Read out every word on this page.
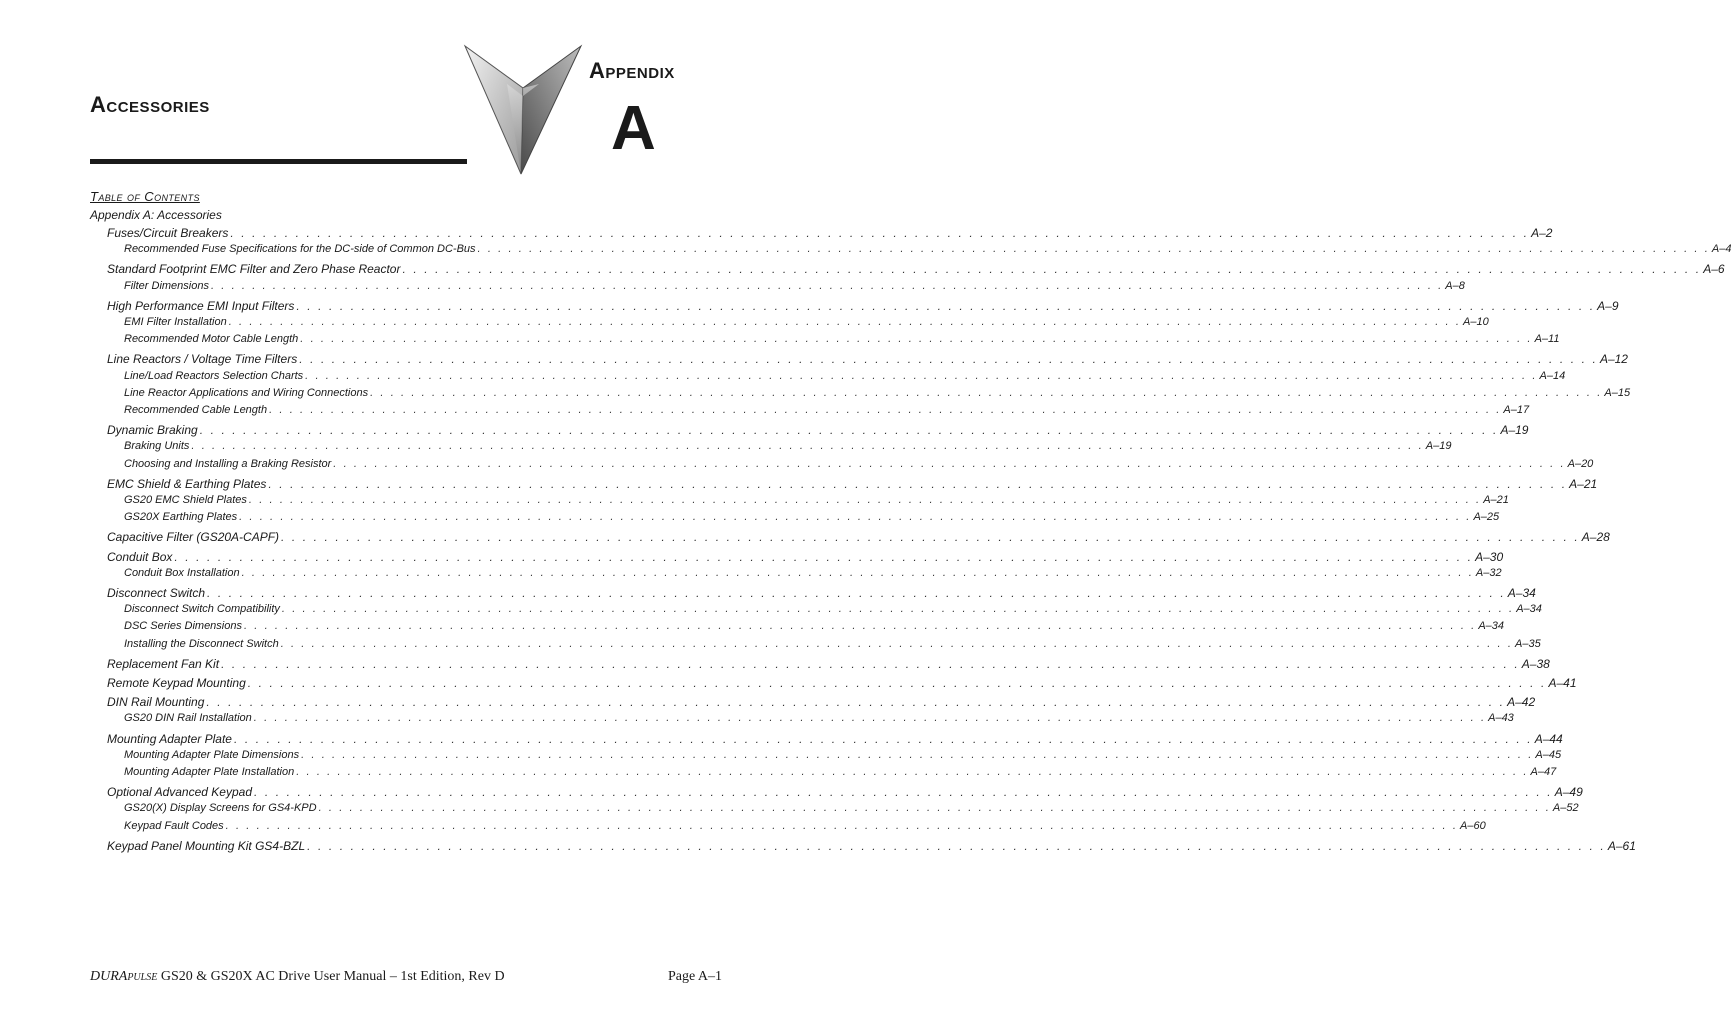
Accessories
Appendix
A
Table of Contents
Appendix A: Accessories
Fuses/Circuit Breakers . . . . . . . . . . . . . . . . . . . . . . . . . . . . . . . . . . . . . . . . . . . . . . . . . . . . . . . . . . . . . . . . . . . . . . . . . . . . . . . . . . . . . . . . . . . . . . . . . . . . . . . . . . . . . . . . . . . . . . . . A–2
Recommended Fuse Specifications for the DC-side of Common DC-Bus . . . . . . . . . . . . . . . . . . . . . . . . . . . . . . . . . . . . . . . . . . . . . . . . . . . . . . . . . . . . . . . . . . . . . . . . . . . . . . . . . . . . . . . . . . . . . . . . . . . . . . . . . . . . . . . . . . . . . . . . A–4
Standard Footprint EMC Filter and Zero Phase Reactor . . . . . . . . . . . . . . . . . . . . . . . . . . . . . . . . . . . . . . . . . . . . . . . . . . . . . . . . . . . . . . . . . . . . . . . . . . . . . . . . . . . . . . . . . . . . . . . . . . . . . . . . . . . . . . . . . . . . . . . . A–6
Filter Dimensions . . . . . . . . . . . . . . . . . . . . . . . . . . . . . . . . . . . . . . . . . . . . . . . . . . . . . . . . . . . . . . . . . . . . . . . . . . . . . . . . . . . . . . . . . . . . . . . . . . . . . . . . . . . . . . . . . . . . . . . . A–8
High Performance EMI Input Filters . . . . . . . . . . . . . . . . . . . . . . . . . . . . . . . . . . . . . . . . . . . . . . . . . . . . . . . . . . . . . . . . . . . . . . . . . . . . . . . . . . . . . . . . . . . . . . . . . . . . . . . . . . . . . . . . . . . . . . . . A–9
EMI Filter Installation . . . . . . . . . . . . . . . . . . . . . . . . . . . . . . . . . . . . . . . . . . . . . . . . . . . . . . . . . . . . . . . . . . . . . . . . . . . . . . . . . . . . . . . . . . . . . . . . . . . . . . . . . . . . . . . . . . . . . . . . A–10
Recommended Motor Cable Length . . . . . . . . . . . . . . . . . . . . . . . . . . . . . . . . . . . . . . . . . . . . . . . . . . . . . . . . . . . . . . . . . . . . . . . . . . . . . . . . . . . . . . . . . . . . . . . . . . . . . . . . . . . . . . . . . . . . . . . . A–11
Line Reactors / Voltage Time Filters . . . . . . . . . . . . . . . . . . . . . . . . . . . . . . . . . . . . . . . . . . . . . . . . . . . . . . . . . . . . . . . . . . . . . . . . . . . . . . . . . . . . . . . . . . . . . . . . . . . . . . . . . . . . . . . . . . . . . . . . A–12
Line/Load Reactors Selection Charts . . . . . . . . . . . . . . . . . . . . . . . . . . . . . . . . . . . . . . . . . . . . . . . . . . . . . . . . . . . . . . . . . . . . . . . . . . . . . . . . . . . . . . . . . . . . . . . . . . . . . . . . . . . . . . . . . . . . . . . . A–14
Line Reactor Applications and Wiring Connections . . . . . . . . . . . . . . . . . . . . . . . . . . . . . . . . . . . . . . . . . . . . . . . . . . . . . . . . . . . . . . . . . . . . . . . . . . . . . . . . . . . . . . . . . . . . . . . . . . . . . . . . . . . . . . . . . . . . . . . . A–15
Recommended Cable Length . . . . . . . . . . . . . . . . . . . . . . . . . . . . . . . . . . . . . . . . . . . . . . . . . . . . . . . . . . . . . . . . . . . . . . . . . . . . . . . . . . . . . . . . . . . . . . . . . . . . . . . . . . . . . . . . . . . . . . . . A–17
Dynamic Braking . . . . . . . . . . . . . . . . . . . . . . . . . . . . . . . . . . . . . . . . . . . . . . . . . . . . . . . . . . . . . . . . . . . . . . . . . . . . . . . . . . . . . . . . . . . . . . . . . . . . . . . . . . . . . . . . . . . . . . . . A–19
Braking Units . . . . . . . . . . . . . . . . . . . . . . . . . . . . . . . . . . . . . . . . . . . . . . . . . . . . . . . . . . . . . . . . . . . . . . . . . . . . . . . . . . . . . . . . . . . . . . . . . . . . . . . . . . . . . . . . . . . . . . . . A–19
Choosing and Installing a Braking Resistor . . . . . . . . . . . . . . . . . . . . . . . . . . . . . . . . . . . . . . . . . . . . . . . . . . . . . . . . . . . . . . . . . . . . . . . . . . . . . . . . . . . . . . . . . . . . . . . . . . . . . . . . . . . . . . . . . . . . . . . . A–20
EMC Shield & Earthing Plates . . . . . . . . . . . . . . . . . . . . . . . . . . . . . . . . . . . . . . . . . . . . . . . . . . . . . . . . . . . . . . . . . . . . . . . . . . . . . . . . . . . . . . . . . . . . . . . . . . . . . . . . . . . . . . . . . . . . . . . . A–21
GS20 EMC Shield Plates . . . . . . . . . . . . . . . . . . . . . . . . . . . . . . . . . . . . . . . . . . . . . . . . . . . . . . . . . . . . . . . . . . . . . . . . . . . . . . . . . . . . . . . . . . . . . . . . . . . . . . . . . . . . . . . . . . . . . . . . A–21
GS20X Earthing Plates . . . . . . . . . . . . . . . . . . . . . . . . . . . . . . . . . . . . . . . . . . . . . . . . . . . . . . . . . . . . . . . . . . . . . . . . . . . . . . . . . . . . . . . . . . . . . . . . . . . . . . . . . . . . . . . . . . . . . . . . A–25
Capacitive Filter (GS20A-CAPF) . . . . . . . . . . . . . . . . . . . . . . . . . . . . . . . . . . . . . . . . . . . . . . . . . . . . . . . . . . . . . . . . . . . . . . . . . . . . . . . . . . . . . . . . . . . . . . . . . . . . . . . . . . . . . . . . . . . . . . . . A–28
Conduit Box . . . . . . . . . . . . . . . . . . . . . . . . . . . . . . . . . . . . . . . . . . . . . . . . . . . . . . . . . . . . . . . . . . . . . . . . . . . . . . . . . . . . . . . . . . . . . . . . . . . . . . . . . . . . . . . . . . . . . . . . A–30
Conduit Box Installation . . . . . . . . . . . . . . . . . . . . . . . . . . . . . . . . . . . . . . . . . . . . . . . . . . . . . . . . . . . . . . . . . . . . . . . . . . . . . . . . . . . . . . . . . . . . . . . . . . . . . . . . . . . . . . . . . . . . . . . . A–32
Disconnect Switch . . . . . . . . . . . . . . . . . . . . . . . . . . . . . . . . . . . . . . . . . . . . . . . . . . . . . . . . . . . . . . . . . . . . . . . . . . . . . . . . . . . . . . . . . . . . . . . . . . . . . . . . . . . . . . . . . . . . . . . . A–34
Disconnect Switch Compatibility . . . . . . . . . . . . . . . . . . . . . . . . . . . . . . . . . . . . . . . . . . . . . . . . . . . . . . . . . . . . . . . . . . . . . . . . . . . . . . . . . . . . . . . . . . . . . . . . . . . . . . . . . . . . . . . . . . . . . . . . A–34
DSC Series Dimensions . . . . . . . . . . . . . . . . . . . . . . . . . . . . . . . . . . . . . . . . . . . . . . . . . . . . . . . . . . . . . . . . . . . . . . . . . . . . . . . . . . . . . . . . . . . . . . . . . . . . . . . . . . . . . . . . . . . . . . . . A–34
Installing the Disconnect Switch . . . . . . . . . . . . . . . . . . . . . . . . . . . . . . . . . . . . . . . . . . . . . . . . . . . . . . . . . . . . . . . . . . . . . . . . . . . . . . . . . . . . . . . . . . . . . . . . . . . . . . . . . . . . . . . . . . . . . . . . A–35
Replacement Fan Kit . . . . . . . . . . . . . . . . . . . . . . . . . . . . . . . . . . . . . . . . . . . . . . . . . . . . . . . . . . . . . . . . . . . . . . . . . . . . . . . . . . . . . . . . . . . . . . . . . . . . . . . . . . . . . . . . . . . . . . . . A–38
Remote Keypad Mounting . . . . . . . . . . . . . . . . . . . . . . . . . . . . . . . . . . . . . . . . . . . . . . . . . . . . . . . . . . . . . . . . . . . . . . . . . . . . . . . . . . . . . . . . . . . . . . . . . . . . . . . . . . . . . . . . . . . . . . . . A–41
DIN Rail Mounting . . . . . . . . . . . . . . . . . . . . . . . . . . . . . . . . . . . . . . . . . . . . . . . . . . . . . . . . . . . . . . . . . . . . . . . . . . . . . . . . . . . . . . . . . . . . . . . . . . . . . . . . . . . . . . . . . . . . . . . . A–42
GS20 DIN Rail Installation . . . . . . . . . . . . . . . . . . . . . . . . . . . . . . . . . . . . . . . . . . . . . . . . . . . . . . . . . . . . . . . . . . . . . . . . . . . . . . . . . . . . . . . . . . . . . . . . . . . . . . . . . . . . . . . . . . . . . . . . A–43
Mounting Adapter Plate . . . . . . . . . . . . . . . . . . . . . . . . . . . . . . . . . . . . . . . . . . . . . . . . . . . . . . . . . . . . . . . . . . . . . . . . . . . . . . . . . . . . . . . . . . . . . . . . . . . . . . . . . . . . . . . . . . . . . . . . A–44
Mounting Adapter Plate Dimensions . . . . . . . . . . . . . . . . . . . . . . . . . . . . . . . . . . . . . . . . . . . . . . . . . . . . . . . . . . . . . . . . . . . . . . . . . . . . . . . . . . . . . . . . . . . . . . . . . . . . . . . . . . . . . . . . . . . . . . . . A–45
Mounting Adapter Plate Installation . . . . . . . . . . . . . . . . . . . . . . . . . . . . . . . . . . . . . . . . . . . . . . . . . . . . . . . . . . . . . . . . . . . . . . . . . . . . . . . . . . . . . . . . . . . . . . . . . . . . . . . . . . . . . . . . . . . . . . . . A–47
Optional Advanced Keypad . . . . . . . . . . . . . . . . . . . . . . . . . . . . . . . . . . . . . . . . . . . . . . . . . . . . . . . . . . . . . . . . . . . . . . . . . . . . . . . . . . . . . . . . . . . . . . . . . . . . . . . . . . . . . . . . . . . . . . . . A–49
GS20(X) Display Screens for GS4-KPD . . . . . . . . . . . . . . . . . . . . . . . . . . . . . . . . . . . . . . . . . . . . . . . . . . . . . . . . . . . . . . . . . . . . . . . . . . . . . . . . . . . . . . . . . . . . . . . . . . . . . . . . . . . . . . . . . . . . . . . . A–52
Keypad Fault Codes . . . . . . . . . . . . . . . . . . . . . . . . . . . . . . . . . . . . . . . . . . . . . . . . . . . . . . . . . . . . . . . . . . . . . . . . . . . . . . . . . . . . . . . . . . . . . . . . . . . . . . . . . . . . . . . . . . . . . . . . A–60
Keypad Panel Mounting Kit GS4-BZL . . . . . . . . . . . . . . . . . . . . . . . . . . . . . . . . . . . . . . . . . . . . . . . . . . . . . . . . . . . . . . . . . . . . . . . . . . . . . . . . . . . . . . . . . . . . . . . . . . . . . . . . . . . . . . . . . . . . . . . . A–61
DURApulse GS20 & GS20X AC Drive User Manual – 1st Edition, Rev D	Page A–1
